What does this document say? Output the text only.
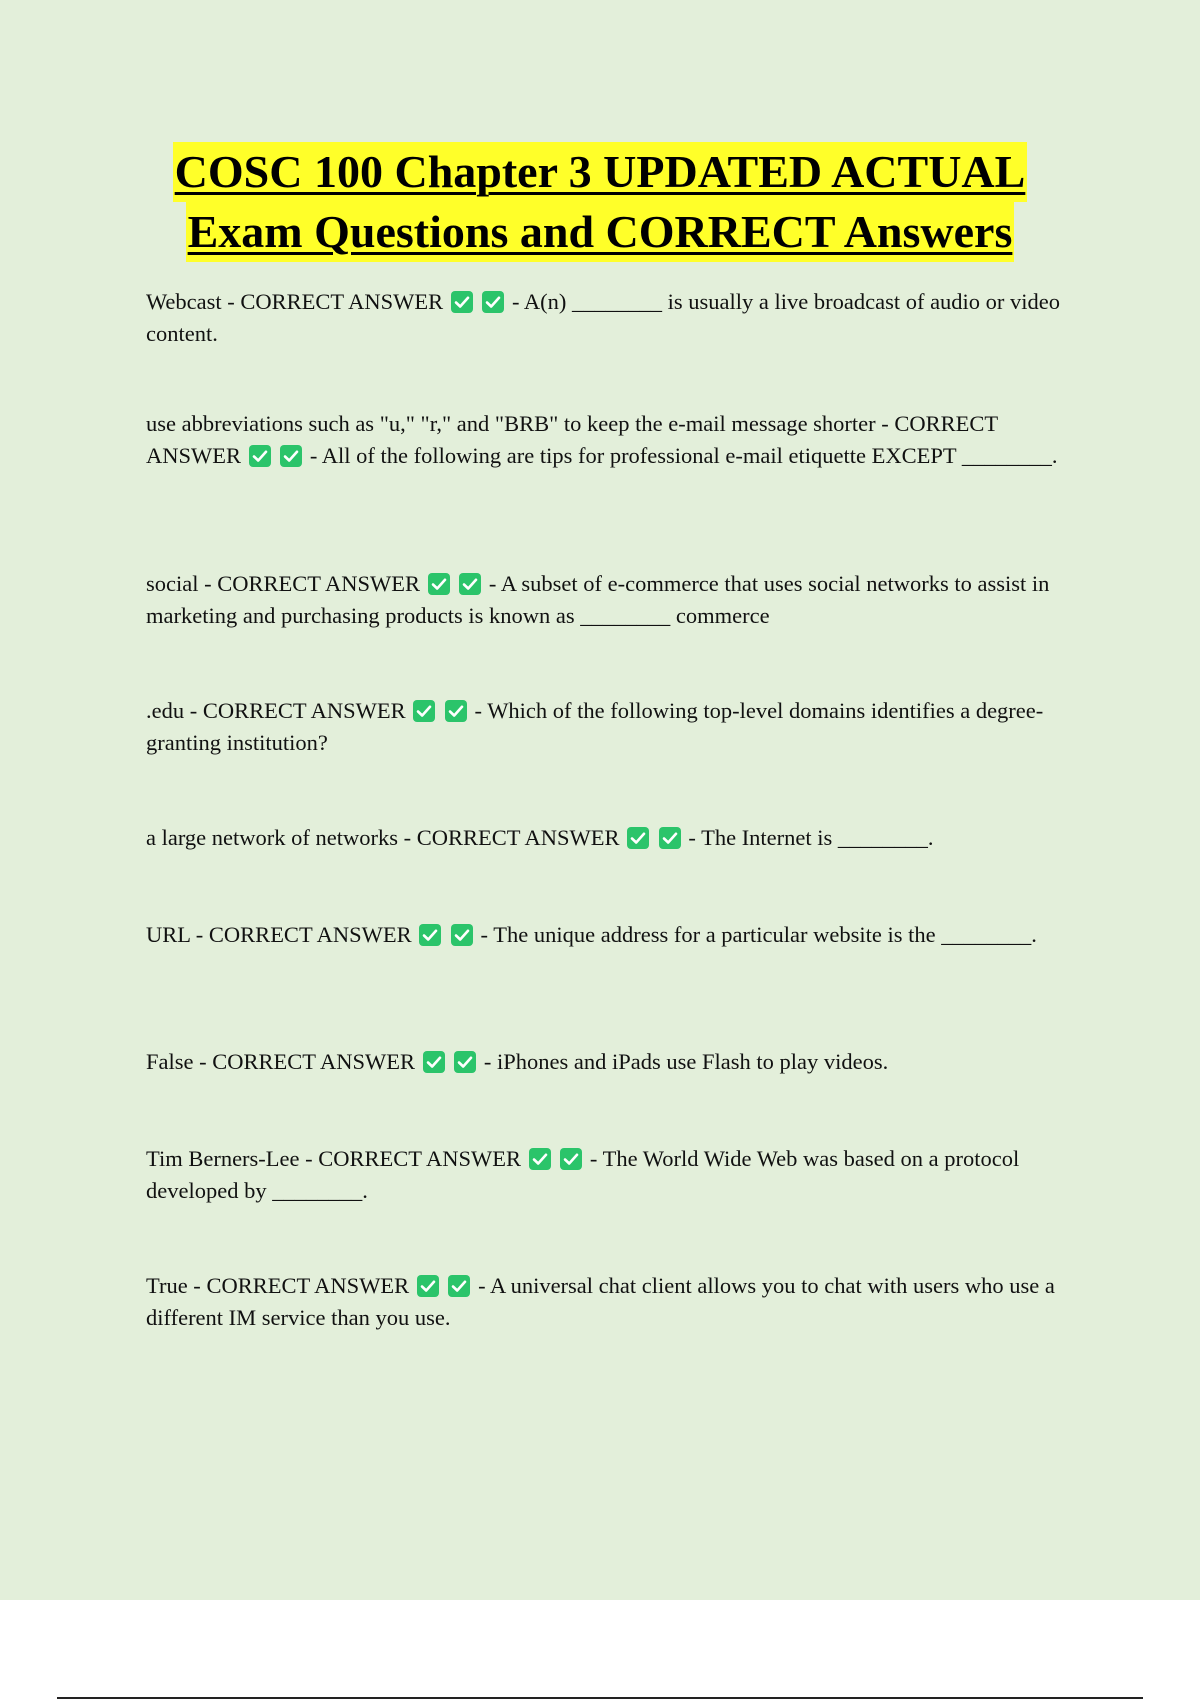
COSC 100 Chapter 3 UPDATED ACTUAL
Exam Questions and CORRECT Answers

Webcast - CORRECT ANSWER
	- A(n) ________ is usually a live broadcast of audio or video content.

use abbreviations such as "u," "r," and "BRB" to keep the e-mail message shorter - CORRECT ANSWER
	- All of the following are tips for professional e-mail etiquette EXCEPT ________.

social - CORRECT ANSWER
	- A subset of e-commerce that uses social networks to assist in marketing and purchasing products is known as ________ commerce

.edu - CORRECT ANSWER
	- Which of the following top-level domains identifies a degree-granting institution?

a large network of networks - CORRECT ANSWER
	- The Internet is ________.

URL - CORRECT ANSWER
	- The unique address for a particular website is the ________.

False - CORRECT ANSWER
	- iPhones and iPads use Flash to play videos.

Tim Berners-Lee - CORRECT ANSWER
	- The World Wide Web was based on a protocol developed by ________.

True - CORRECT ANSWER
	- A universal chat client allows you to chat with users who use a different IM service than you use.
